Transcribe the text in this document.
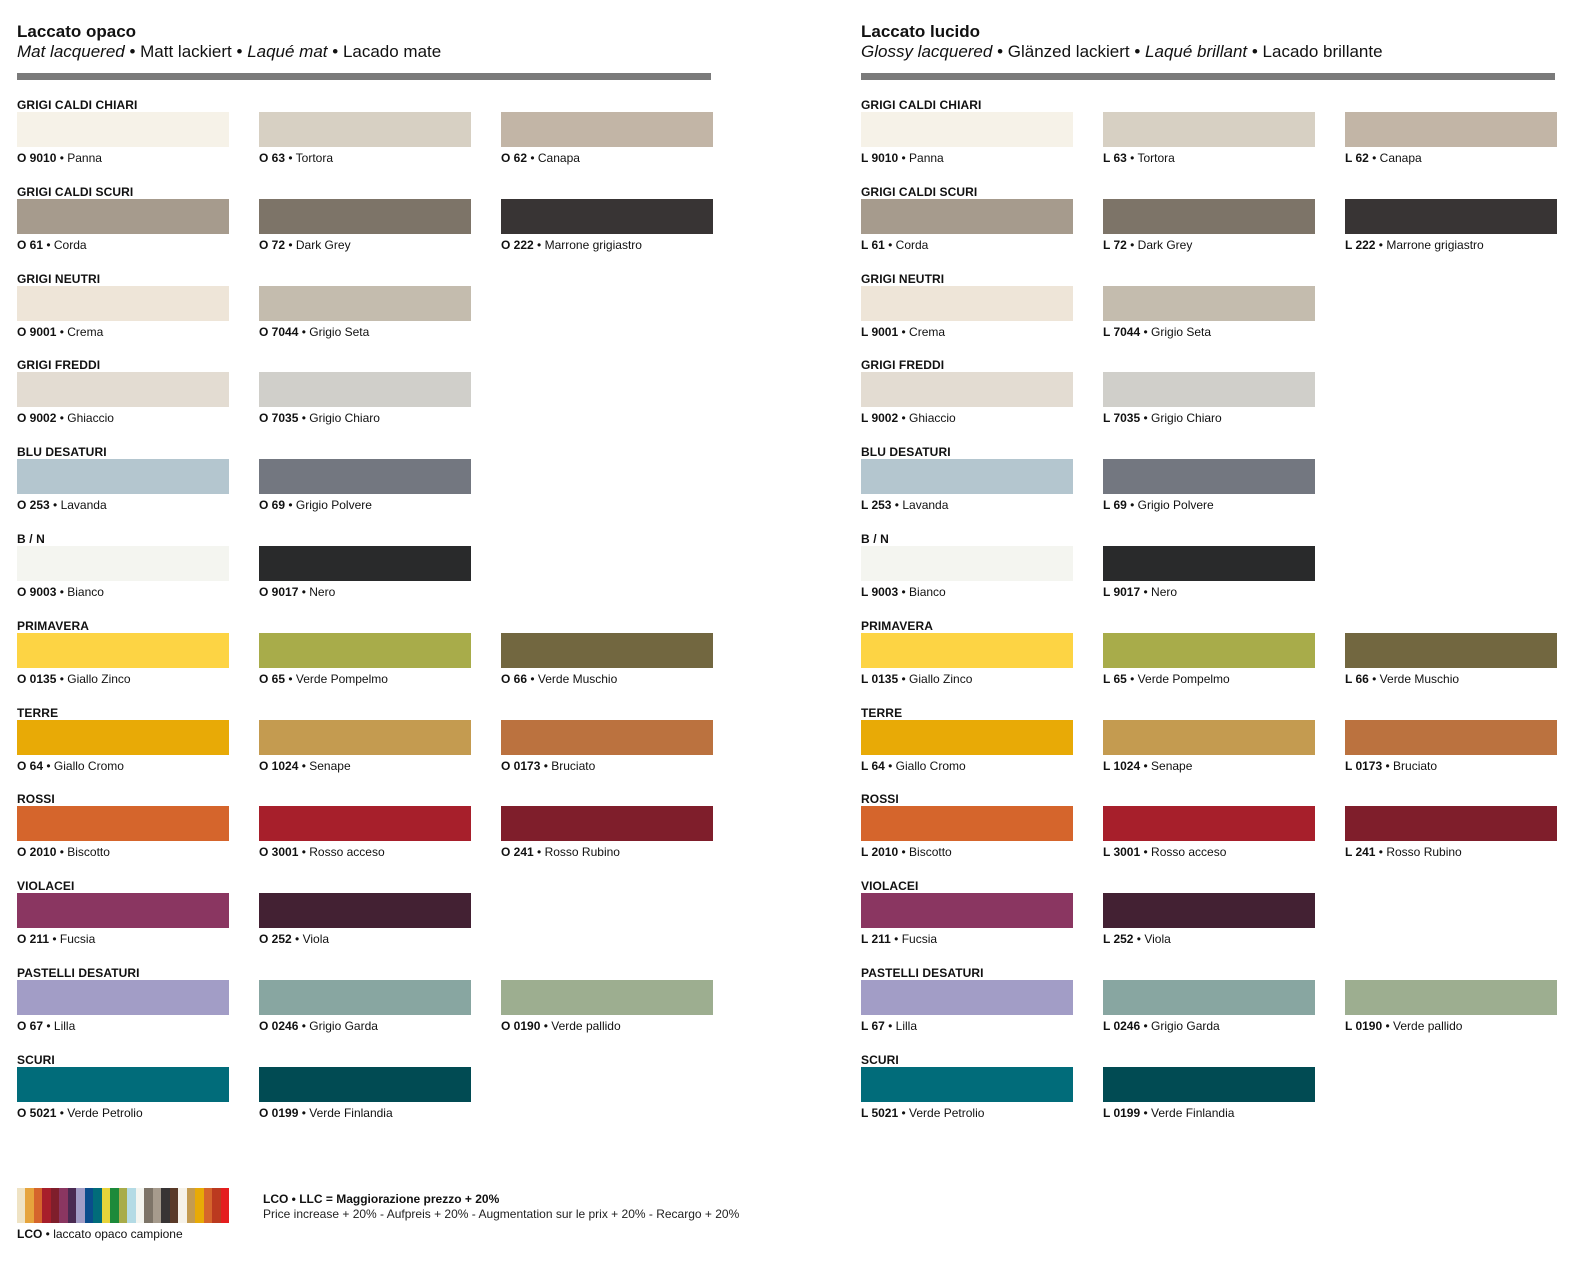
Laccato opaco
Mat lacquered • Matt lackiert • Laqué mat • Lacado mate
GRIGI CALDI CHIARI
O 9010 • Panna	O 63 • Tortora	O 62 • Canapa
GRIGI CALDI SCURI
O 61 • Corda	O 72 • Dark Grey	O 222 • Marrone grigiastro
GRIGI NEUTRI
O 9001 • Crema	O 7044 • Grigio Seta
GRIGI FREDDI
O 9002 • Ghiaccio	O 7035 • Grigio Chiaro
BLU DESATURI
O 253 • Lavanda	O 69 • Grigio Polvere
B / N
O 9003 • Bianco	O 9017 • Nero
PRIMAVERA
O 0135 • Giallo Zinco	O 65 • Verde Pompelmo	O 66 • Verde Muschio
TERRE
O 64 • Giallo Cromo	O 1024 • Senape	O 0173 • Bruciato
ROSSI
O 2010 • Biscotto	O 3001 • Rosso acceso	O 241 • Rosso Rubino
VIOLACEI
O 211 • Fucsia	O 252 • Viola
PASTELLI DESATURI
O 67 • Lilla	O 0246 • Grigio Garda	O 0190 • Verde pallido
SCURI
O 5021 • Verde Petrolio	O 0199 • Verde Finlandia
Laccato lucido
Glossy lacquered • Glänzed lackiert • Laqué brillant • Lacado brillante
GRIGI CALDI CHIARI
L 9010 • Panna	L 63 • Tortora	L 62 • Canapa
GRIGI CALDI SCURI
L 61 • Corda	L 72 • Dark Grey	L 222 • Marrone grigiastro
GRIGI NEUTRI
L 9001 • Crema	L 7044 • Grigio Seta
GRIGI FREDDI
L 9002 • Ghiaccio	L 7035 • Grigio Chiaro
BLU DESATURI
L 253 • Lavanda	L 69 • Grigio Polvere
B / N
L 9003 • Bianco	L 9017 • Nero
PRIMAVERA
L 0135 • Giallo Zinco	L 65 • Verde Pompelmo	L 66 • Verde Muschio
TERRE
L 64 • Giallo Cromo	L 1024 • Senape	L 0173 • Bruciato
ROSSI
L 2010 • Biscotto	L 3001 • Rosso acceso	L 241 • Rosso Rubino
VIOLACEI
L 211 • Fucsia	L 252 • Viola
PASTELLI DESATURI
L 67 • Lilla	L 0246 • Grigio Garda	L 0190 • Verde pallido
SCURI
L 5021 • Verde Petrolio	L 0199 • Verde Finlandia
LCO • laccato opaco campione
LCO • LLC = Maggiorazione prezzo + 20%
Price increase + 20% - Aufpreis + 20% - Augmentation sur le prix + 20% - Recargo + 20%
